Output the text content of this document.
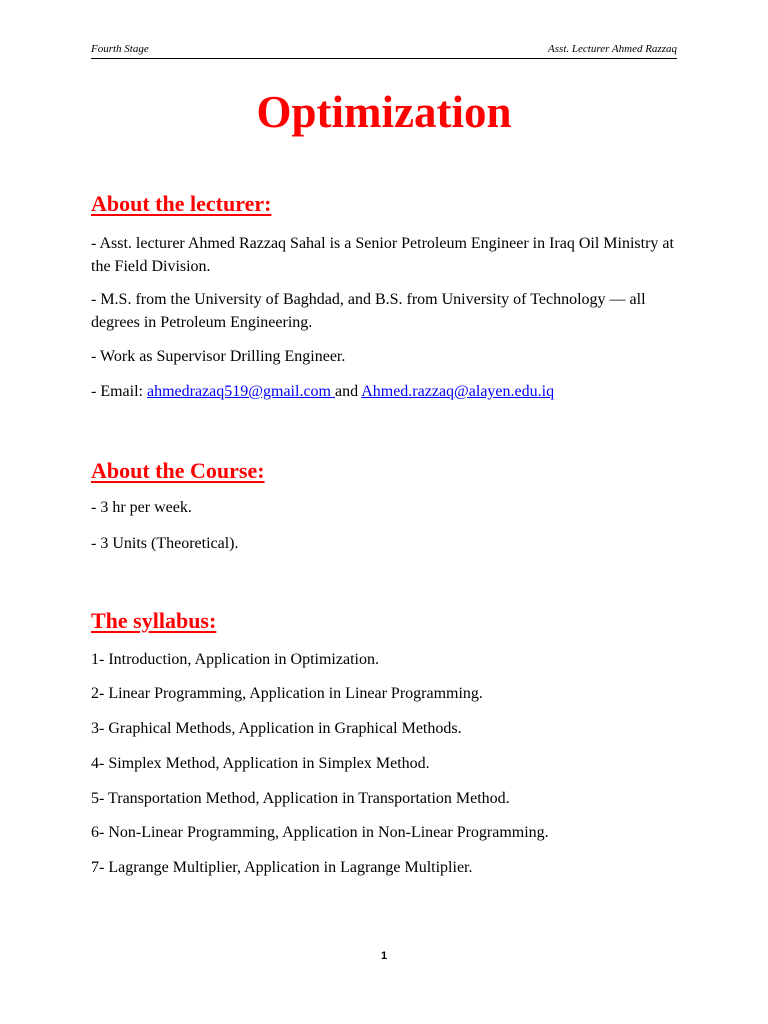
Fourth Stage	Asst. Lecturer Ahmed Razzaq
Optimization
About the lecturer:

- Asst. lecturer Ahmed Razzaq Sahal is a Senior Petroleum Engineer in Iraq Oil Ministry at the Field Division.

- M.S. from the University of Baghdad, and B.S. from University of Technology — all degrees in Petroleum Engineering.

- Work as Supervisor Drilling Engineer.

- Email: ahmedrazaq519@gmail.com and Ahmed.razzaq@alayen.edu.iq

About the Course:

- 3 hr per week.

- 3 Units (Theoretical).

The syllabus:

1- Introduction, Application in Optimization.

2- Linear Programming, Application in Linear Programming.

3- Graphical Methods, Application in Graphical Methods.

4- Simplex Method, Application in Simplex Method.

5- Transportation Method, Application in Transportation Method.

6- Non-Linear Programming, Application in Non-Linear Programming.

7- Lagrange Multiplier, Application in Lagrange Multiplier.

1
